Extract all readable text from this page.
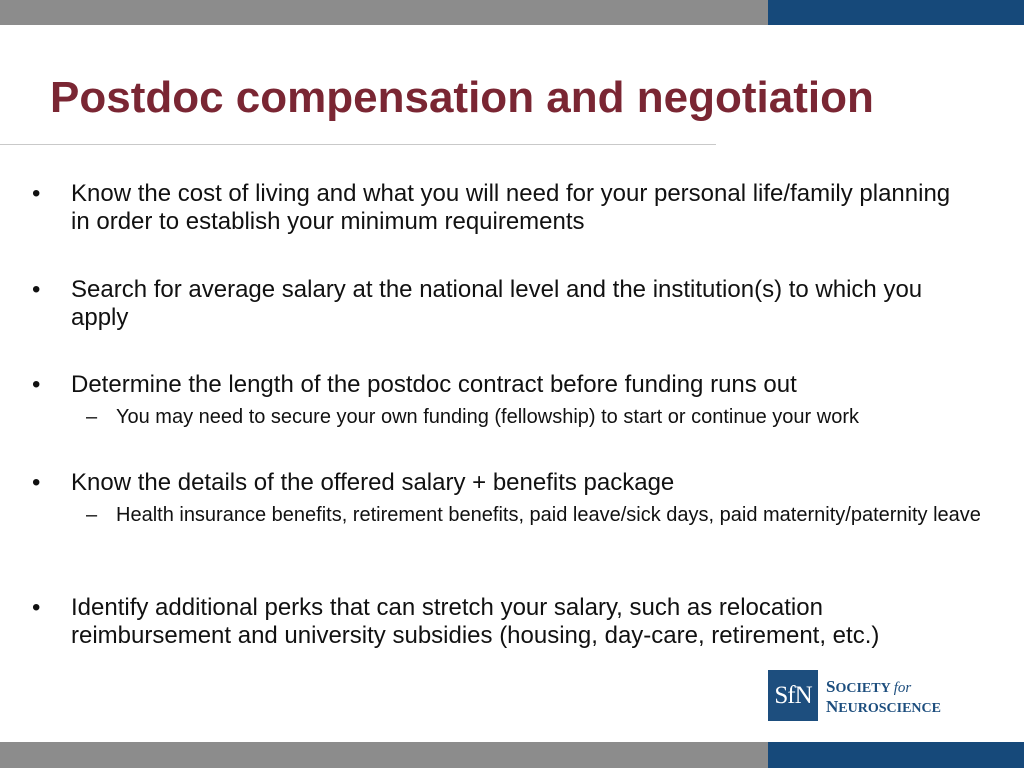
Postdoc compensation and negotiation
•	Know the cost of living and what you will need for your personal life/family planning in order to establish your minimum requirements
•	Search for average salary at the national level and the institution(s) to which you apply
•	Determine the length of the postdoc contract before funding runs out
– You may need to secure your own funding (fellowship) to start or continue your work
•	Know the details of the offered salary + benefits package
– Health insurance benefits, retirement benefits, paid leave/sick days, paid maternity/paternity leave
•	Identify additional perks that can stretch your salary, such as relocation reimbursement and university subsidies (housing, day-care, retirement, etc.)
SfN SOCIETY for
NEUROSCIENCE
